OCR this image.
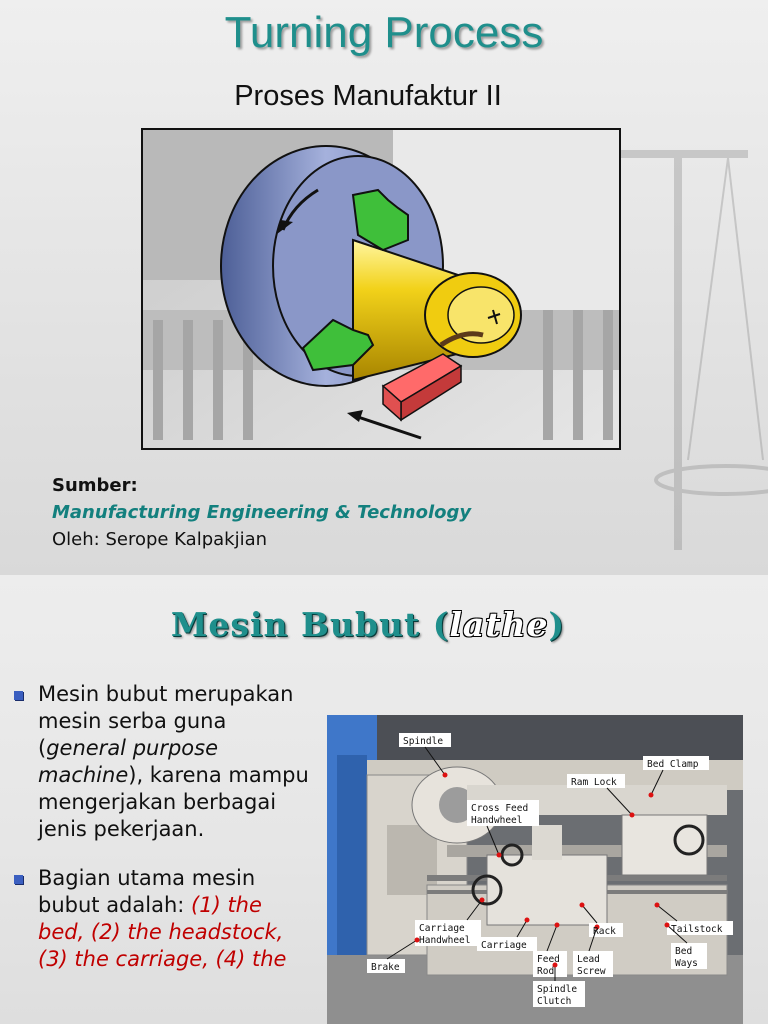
Turning Process
Proses Manufaktur II
Sumber:
Manufacturing Engineering & Technology
Oleh: Serope Kalpakjian
Mesin Bubut (lathe)
Mesin bubut merupakan mesin serba guna (general purpose machine), karena mampu mengerjakan berbagai jenis pekerjaan.
Bagian utama mesin bubut adalah: (1) the bed, (2) the headstock, (3) the carriage, (4) the
Spindle
Bed Clamp
Ram Lock
Cross Feed
Handwheel
Carriage
Handwheel Carriage
Rack	Tailstock
Bed
Ways
Brake
Feed
Rod
Lead
Screw
Spindle
Clutch
